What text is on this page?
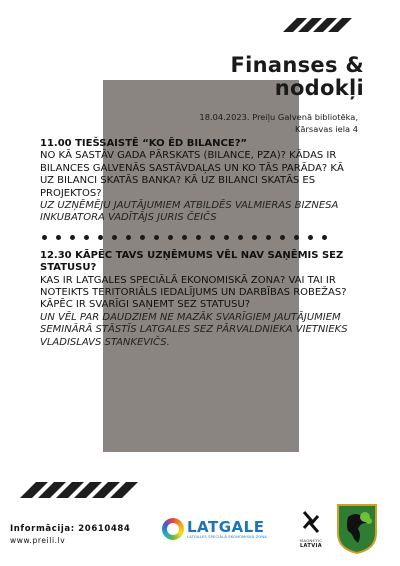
Finanses &
nodokļi
18.04.2023. Preiļu Galvenā bibliotēka,
Kārsavas iela 4

11.00 TIEŠSAISTĒ “KO ĒD BILANCE?”

NO KĀ SASTĀV GADA PĀRSKATS (BILANCE, PZA)? KĀDAS IR BILANCES GALVENĀS SASTĀVDAĻAS UN KO TĀS PARĀDA? KĀ UZ BILANCI SKATĀS BANKA? KĀ UZ BILANCI SKATĀS ES PROJEKTOS?

UZ UZŅĒMĒJU JAUTĀJUMIEM ATBILDĒS VALMIERAS BIZNESA INKUBATORA VADĪTĀJS JURIS ČEIČS

12.30 KĀPĒC TAVS UZŅĒMUMS VĒL NAV SAŅĒMIS SEZ STATUSU?

KAS IR LATGALES SPECIĀLĀ EKONOMISKĀ ZONA? VAI TAI IR NOTEIKTS TERITORIĀLS IEDALĪJUMS UN DARBĪBAS ROBEŽAS? KĀPĒC IR SVARĪGI SAŅEMT SEZ STATUSU?

UN VĒL PAR DAUDZIEM NE MAZĀK SVARĪGIEM JAUTĀJUMIEM SEMINĀRĀ STĀSTĪS LATGALES SEZ PĀRVALDNIEKA VIETNIEKS VLADISLAVS STANKEVIČS.

Informācija: 20610484
www.preili.lv
LATGALE
LATGALES SPECIĀLĀ EKONOMISKĀ ZONA
MAGNETIC
LATVIA
